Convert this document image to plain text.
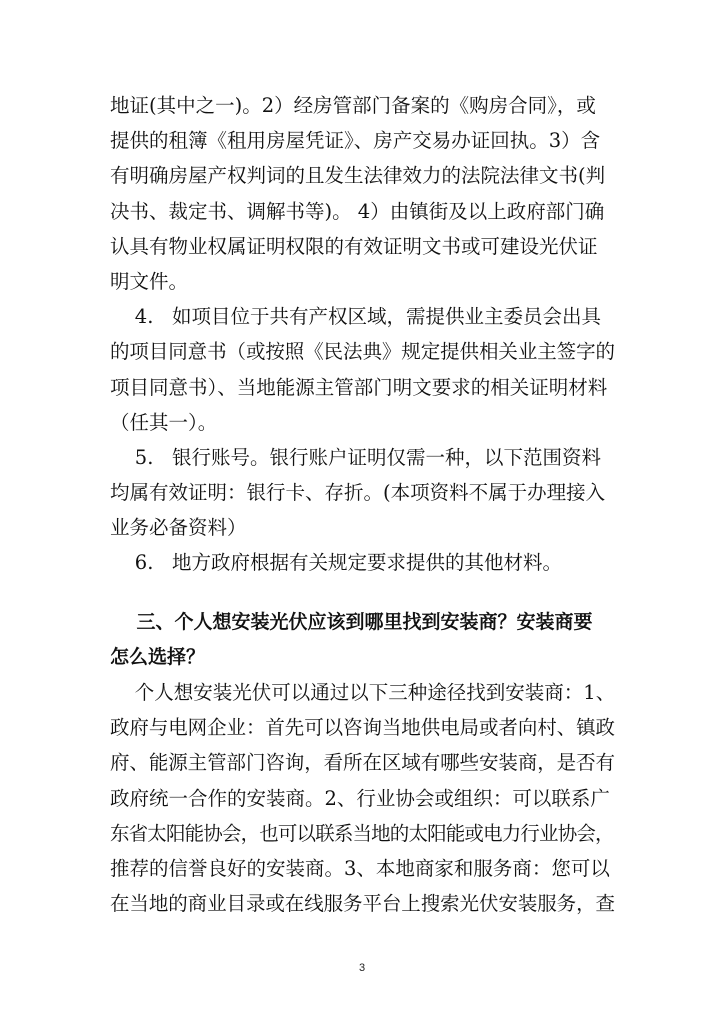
地证(其中之一)。2）经房管部门备案的《购房合同》，或
提供的租簿《租用房屋凭证》、房产交易办证回执。3）含
有明确房屋产权判词的且发生法律效力的法院法律文书(判
决书、裁定书、调解书等)。 4）由镇街及以上政府部门确
认具有物业权属证明权限的有效证明文书或可建设光伏证
明文件。
4.   如项目位于共有产权区域，需提供业主委员会出具
的项目同意书（或按照《民法典》规定提供相关业主签字的
项目同意书）、当地能源主管部门明文要求的相关证明材料
（任其一）。
5.   银行账号。银行账户证明仅需一种，以下范围资料
均属有效证明：银行卡、存折。(本项资料不属于办理接入
业务必备资料）
6.   地方政府根据有关规定要求提供的其他材料。
三、个人想安装光伏应该到哪里找到安装商？安装商要
怎么选择？
个人想安装光伏可以通过以下三种途径找到安装商：1、
政府与电网企业：首先可以咨询当地供电局或者向村、镇政
府、能源主管部门咨询，看所在区域有哪些安装商，是否有
政府统一合作的安装商。2、行业协会或组织：可以联系广
东省太阳能协会，也可以联系当地的太阳能或电力行业协会，
推荐的信誉良好的安装商。3、本地商家和服务商：您可以
在当地的商业目录或在线服务平台上搜索光伏安装服务，查
3
